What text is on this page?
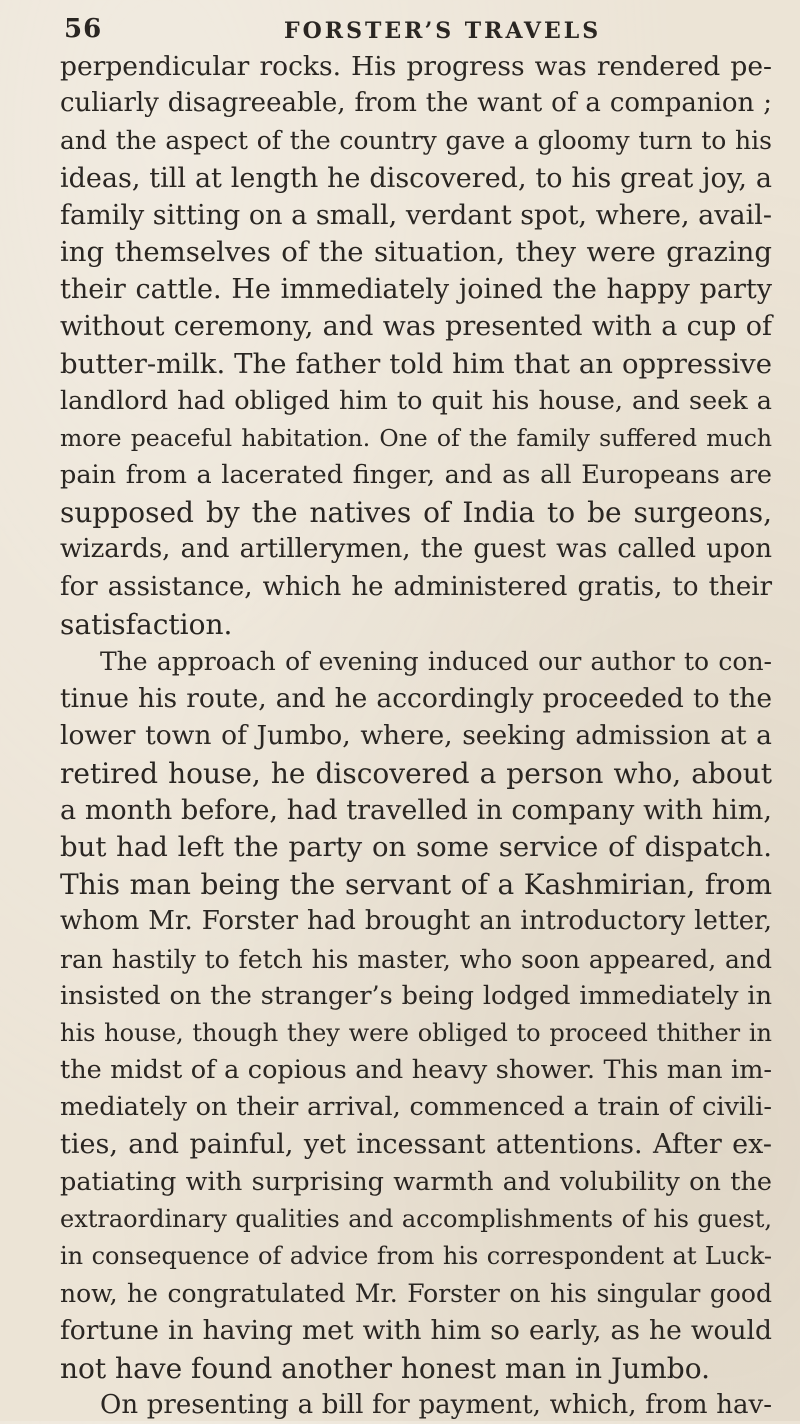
56	FORSTER’S TRAVELS
perpendicular rocks. His progress was rendered pe-
culiarly disagreeable, from the want of a companion ;
and the aspect of the country gave a gloomy turn to his
ideas, till at length he discovered, to his great joy, a
family sitting on a small, verdant spot, where, avail-
ing themselves of the situation, they were grazing
their cattle. He immediately joined the happy party
without ceremony, and was presented with a cup of
butter-milk. The father told him that an oppressive
landlord had obliged him to quit his house, and seek a
more peaceful habitation. One of the family suffered much
pain from a lacerated finger, and as all Europeans are
supposed by the natives of India to be surgeons,
wizards, and artillerymen, the guest was called upon
for assistance, which he administered gratis, to their
satisfaction.
The approach of evening induced our author to con-
tinue his route, and he accordingly proceeded to the
lower town of Jumbo, where, seeking admission at a
retired house, he discovered a person who, about
a month before, had travelled in company with him,
but had left the party on some service of dispatch.
This man being the servant of a Kashmirian, from
whom Mr. Forster had brought an introductory letter,
ran hastily to fetch his master, who soon appeared, and
insisted on the stranger’s being lodged immediately in
his house, though they were obliged to proceed thither in
the midst of a copious and heavy shower. This man im-
mediately on their arrival, commenced a train of civili-
ties, and painful, yet incessant attentions. After ex-
patiating with surprising warmth and volubility on the
extraordinary qualities and accomplishments of his guest,
in consequence of advice from his correspondent at Luck-
now, he congratulated Mr. Forster on his singular good
fortune in having met with him so early, as he would
not have found another honest man in Jumbo.
On presenting a bill for payment, which, from hav-
